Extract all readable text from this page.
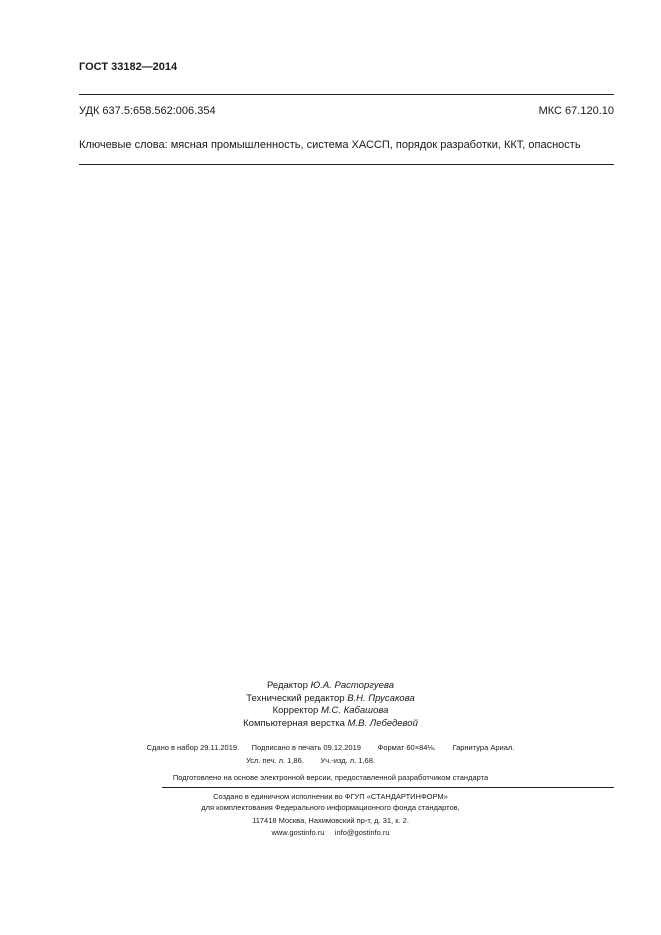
ГОСТ 33182—2014
УДК 637.5:658.562:006.354	МКС 67.120.10
Ключевые слова: мясная промышленность, система ХАССП, порядок разработки, ККТ, опасность
Редактор Ю.А. Расторгуева
Технический редактор В.Н. Прусакова
Корректор М.С. Кабашова
Компьютерная верстка М.В. Лебедевой
Сдано в набор 29.11.2019. Подписано в печать 09.12.2019 Формат 60×84⅛. Гарнитура Ариал.
Усл. печ. л. 1,86. Уч.-изд. л. 1,68.
Подготовлено на основе электронной версии, предоставленной разработчиком стандарта
Создано в единичном исполнении во ФГУП «СТАНДАРТИНФОРМ»
для комплектования Федерального информационного фонда стандартов,
117418 Москва, Нахимовский пр-т, д. 31, к. 2.
www.gostinfo.ru     info@gostinfo.ru
